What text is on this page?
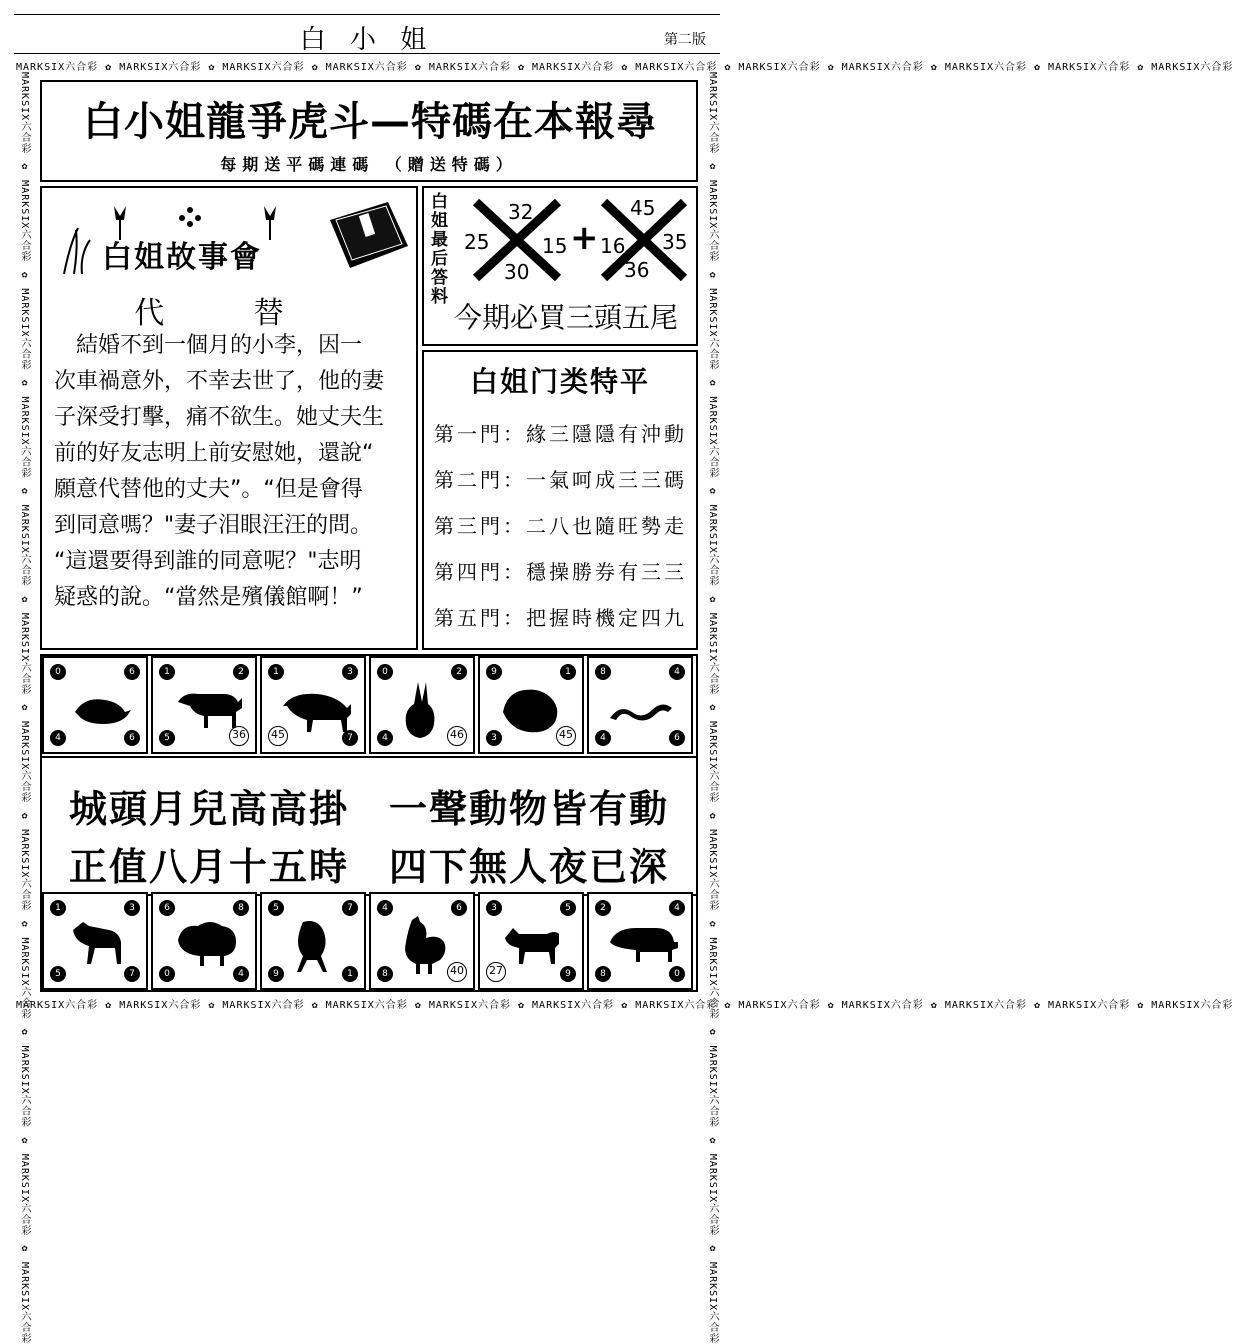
白 小 姐	第二版
MARKSIX六合彩 ✿ MARKSIX六合彩 ✿ MARKSIX六合彩 ✿ MARKSIX六合彩 ✿ MARKSIX六合彩 ✿ MARKSIX六合彩 ✿ MARKSIX六合彩 ✿ MARKSIX六合彩 ✿ MARKSIX六合彩 ✿ MARKSIX六合彩 ✿ MARKSIX六合彩 ✿ MARKSIX六合彩
MARKSIX六合彩 ✿ MARKSIX六合彩 ✿ MARKSIX六合彩 ✿ MARKSIX六合彩 ✿ MARKSIX六合彩 ✿ MARKSIX六合彩 ✿ MARKSIX六合彩 ✿ MARKSIX六合彩 ✿ MARKSIX六合彩 ✿ MARKSIX六合彩 ✿ MARKSIX六合彩 ✿ MARKSIX六合彩
MARKSIX六合彩 ✿ MARKSIX六合彩 ✿ MARKSIX六合彩 ✿ MARKSIX六合彩 ✿ MARKSIX六合彩 ✿ MARKSIX六合彩 ✿ MARKSIX六合彩 ✿ MARKSIX六合彩 ✿ MARKSIX六合彩 ✿ MARKSIX六合彩 ✿ MARKSIX六合彩 ✿ MARKSIX六合彩	MARKSIX六合彩 ✿ MARKSIX六合彩 ✿ MARKSIX六合彩 ✿ MARKSIX六合彩 ✿ MARKSIX六合彩 ✿ MARKSIX六合彩 ✿ MARKSIX六合彩 ✿ MARKSIX六合彩 ✿ MARKSIX六合彩 ✿ MARKSIX六合彩 ✿ MARKSIX六合彩 ✿ MARKSIX六合彩
白小姐龍爭虎斗—特碼在本報尋
每期送平碼連碼 （贈送特碼）
白姐故事會
代 替
　結婚不到一個月的小李，因一
次車禍意外，不幸去世了，他的妻
子深受打擊，痛不欲生。她丈夫生
前的好友志明上前安慰她，還說“
願意代替他的丈夫”。“但是會得
到同意嗎？"妻子泪眼汪汪的問。
“這還要得到誰的同意呢？"志明
疑惑的說。“當然是殯儀館啊！”
白姐最后答料	32
25	15
30
+
45
16 35
36
今期必買三頭五尾
白姐门类特平
第一門：緣三隱隱有沖動
第二門：一氣呵成三三碼
第三門：二八也隨旺勢走
第四門：穩操勝券有三三
第五門：把握時機定四九
0	6
4	6
1	2
5	36
1	3
45	7
0	2
4	46
9	1
3	45
8	4
4	6
城頭月兒高高掛　一聲動物皆有動
正值八月十五時　四下無人夜已深
1	3
5	7
6	8
0	4
5	7
9	1
4	6
8	40
3	5
27	9
2	4
8	0
